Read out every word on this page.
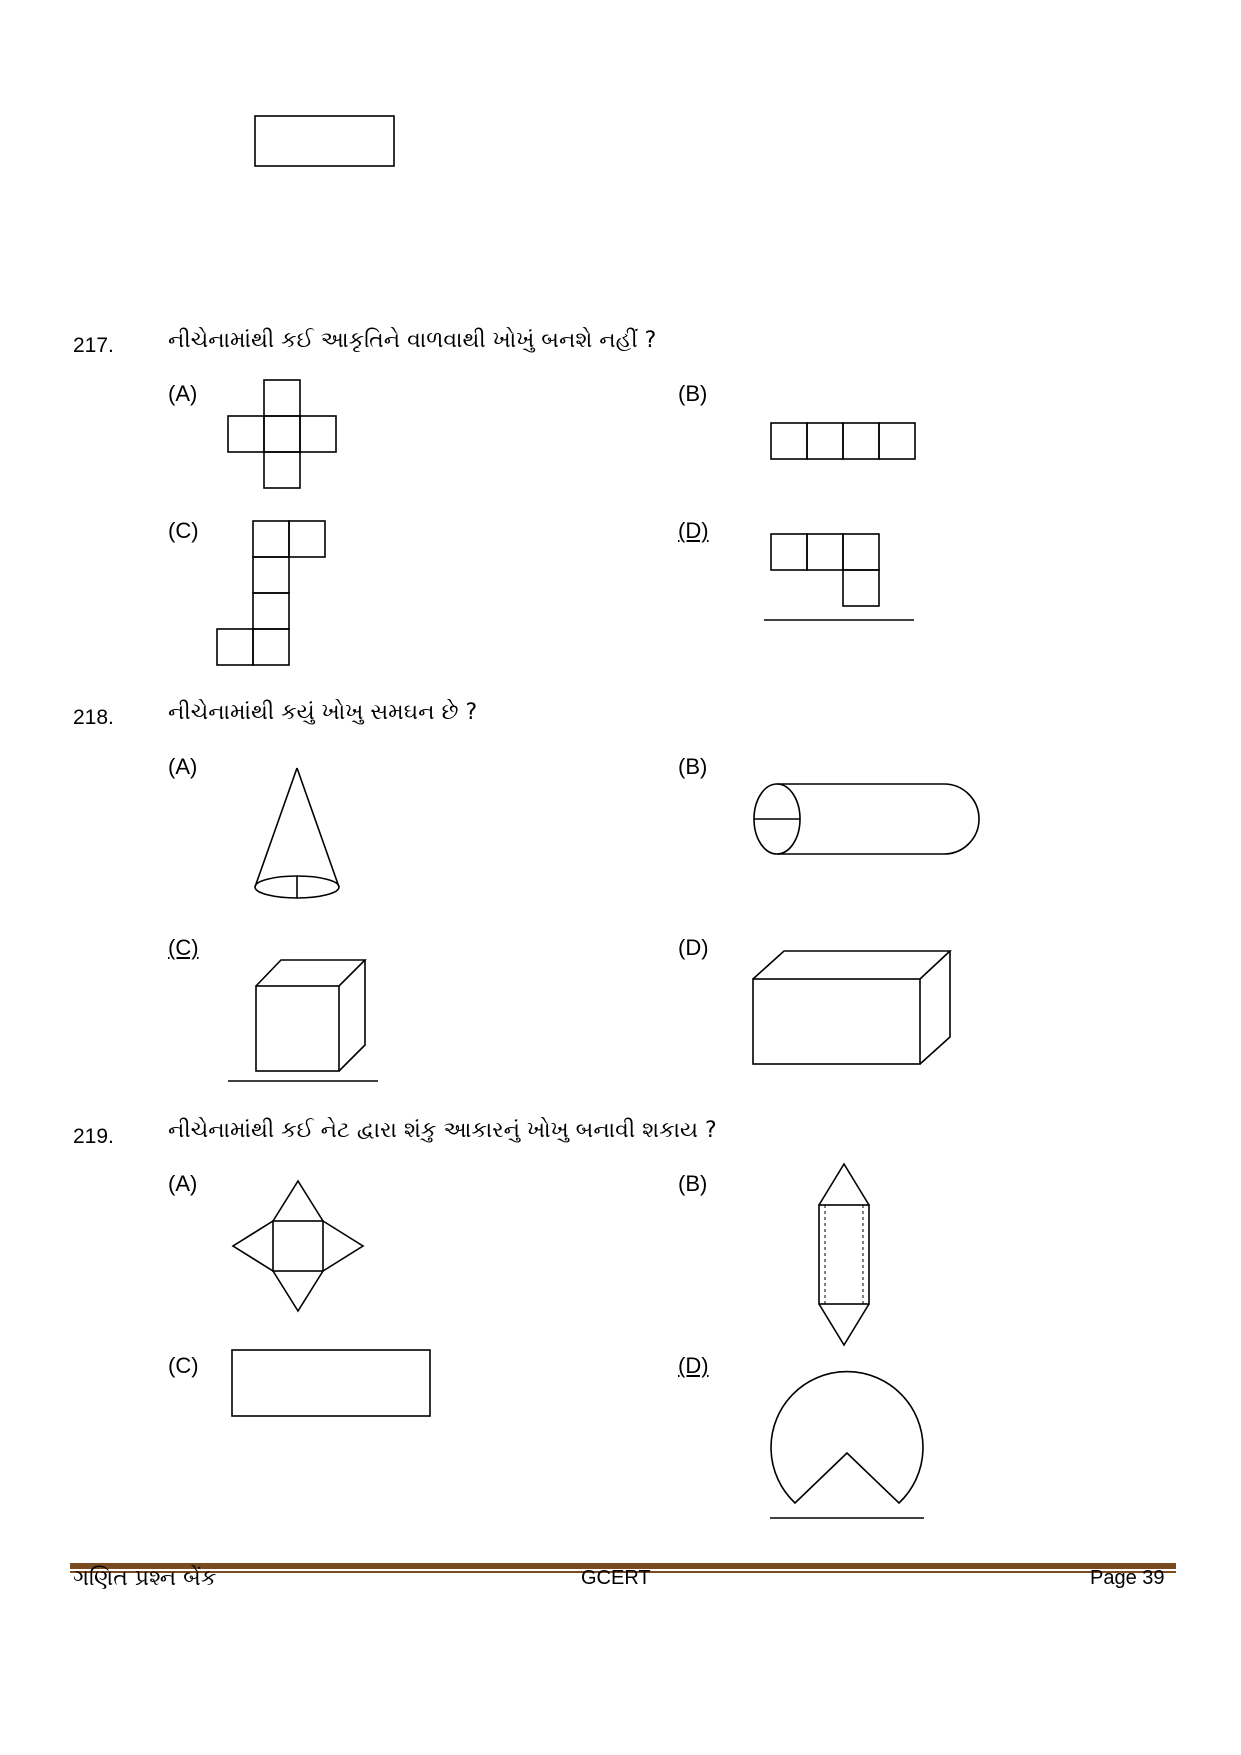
217. નીચેનામાંથી કઈ આકૃતિને વાળવાથી ખોખું બનશે નહીં ?
(A)	(B)
(C)	(D)
218. નીચેનામાંથી કયું ખોખુ સમઘન છે ?
(A)	(B)
(C)	(D)
219. નીચેનામાંથી કઈ નેટ દ્વારા શંકુ આકારનું ખોખુ બનાવી શકાય ?
(A)	(B)
(C)	(D)
ગણિત પ્રશ્ન બેંક	GCERT	Page 39
